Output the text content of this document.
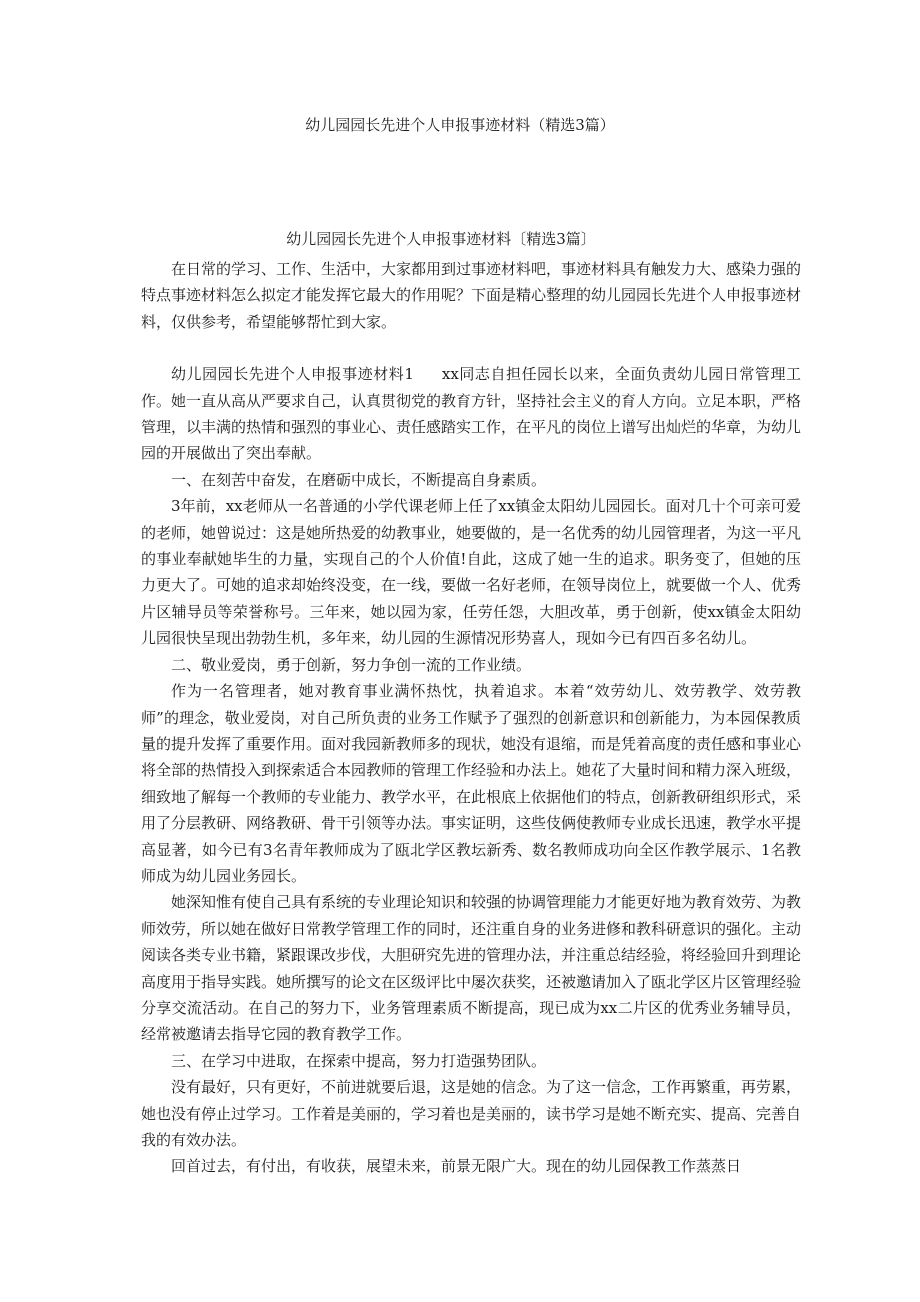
幼儿园园长先进个人申报事迹材料（精选3篇）
幼儿园园长先进个人申报事迹材料〔精选3篇〕

在日常的学习、工作、生活中，大家都用到过事迹材料吧，事迹材料具有触发力大、感染力强的特点事迹材料怎么拟定才能发挥它最大的作用呢？下面是精心整理的幼儿园园长先进个人申报事迹材料，仅供参考，希望能够帮忙到大家。

幼儿园园长先进个人申报事迹材料1 xx同志自担任园长以来，全面负责幼儿园日常管理工作。她一直从高从严要求自己，认真贯彻党的教育方针，坚持社会主义的育人方向。立足本职，严格管理，以丰满的热情和强烈的事业心、责任感踏实工作，在平凡的岗位上谱写出灿烂的华章，为幼儿园的开展做出了突出奉献。

一、在刻苦中奋发，在磨砺中成长，不断提高自身素质。

3年前，xx老师从一名普通的小学代课老师上任了xx镇金太阳幼儿园园长。面对几十个可亲可爱的老师，她曾说过：这是她所热爱的幼教事业，她要做的，是一名优秀的幼儿园管理者，为这一平凡的事业奉献她毕生的力量，实现自己的个人价值!自此，这成了她一生的追求。职务变了，但她的压力更大了。可她的追求却始终没变，在一线，要做一名好老师，在领导岗位上，就要做一个人、优秀片区辅导员等荣誉称号。三年来，她以园为家，任劳任怨，大胆改革，勇于创新，使xx镇金太阳幼儿园很快呈现出勃勃生机，多年来，幼儿园的生源情况形势喜人，现如今已有四百多名幼儿。

二、敬业爱岗，勇于创新，努力争创一流的工作业绩。

作为一名管理者，她对教育事业满怀热忱，执着追求。本着“效劳幼儿、效劳教学、效劳教师”的理念，敬业爱岗，对自己所负责的业务工作赋予了强烈的创新意识和创新能力，为本园保教质量的提升发挥了重要作用。面对我园新教师多的现状，她没有退缩，而是凭着高度的责任感和事业心将全部的热情投入到探索适合本园教师的管理工作经验和办法上。她花了大量时间和精力深入班级，细致地了解每一个教师的专业能力、教学水平，在此根底上依据他们的特点，创新教研组织形式，采用了分层教研、网络教研、骨干引领等办法。事实证明，这些伎俩使教师专业成长迅速，教学水平提高显著，如今已有3名青年教师成为了瓯北学区教坛新秀、数名教师成功向全区作教学展示、1名教师成为幼儿园业务园长。

她深知惟有使自己具有系统的专业理论知识和较强的协调管理能力才能更好地为教育效劳、为教师效劳，所以她在做好日常教学管理工作的同时，还注重自身的业务进修和教科研意识的强化。主动阅读各类专业书籍，紧跟课改步伐，大胆研究先进的管理办法，并注重总结经验，将经验回升到理论高度用于指导实践。她所撰写的论文在区级评比中屡次获奖，还被邀请加入了瓯北学区片区管理经验分享交流活动。在自己的努力下，业务管理素质不断提高，现已成为xx二片区的优秀业务辅导员，经常被邀请去指导它园的教育教学工作。

三、在学习中进取，在探索中提高，努力打造强势团队。

没有最好，只有更好，不前进就要后退，这是她的信念。为了这一信念，工作再繁重，再劳累，她也没有停止过学习。工作着是美丽的，学习着也是美丽的，读书学习是她不断充实、提高、完善自我的有效办法。

回首过去，有付出，有收获，展望未来，前景无限广大。现在的幼儿园保教工作蒸蒸日
